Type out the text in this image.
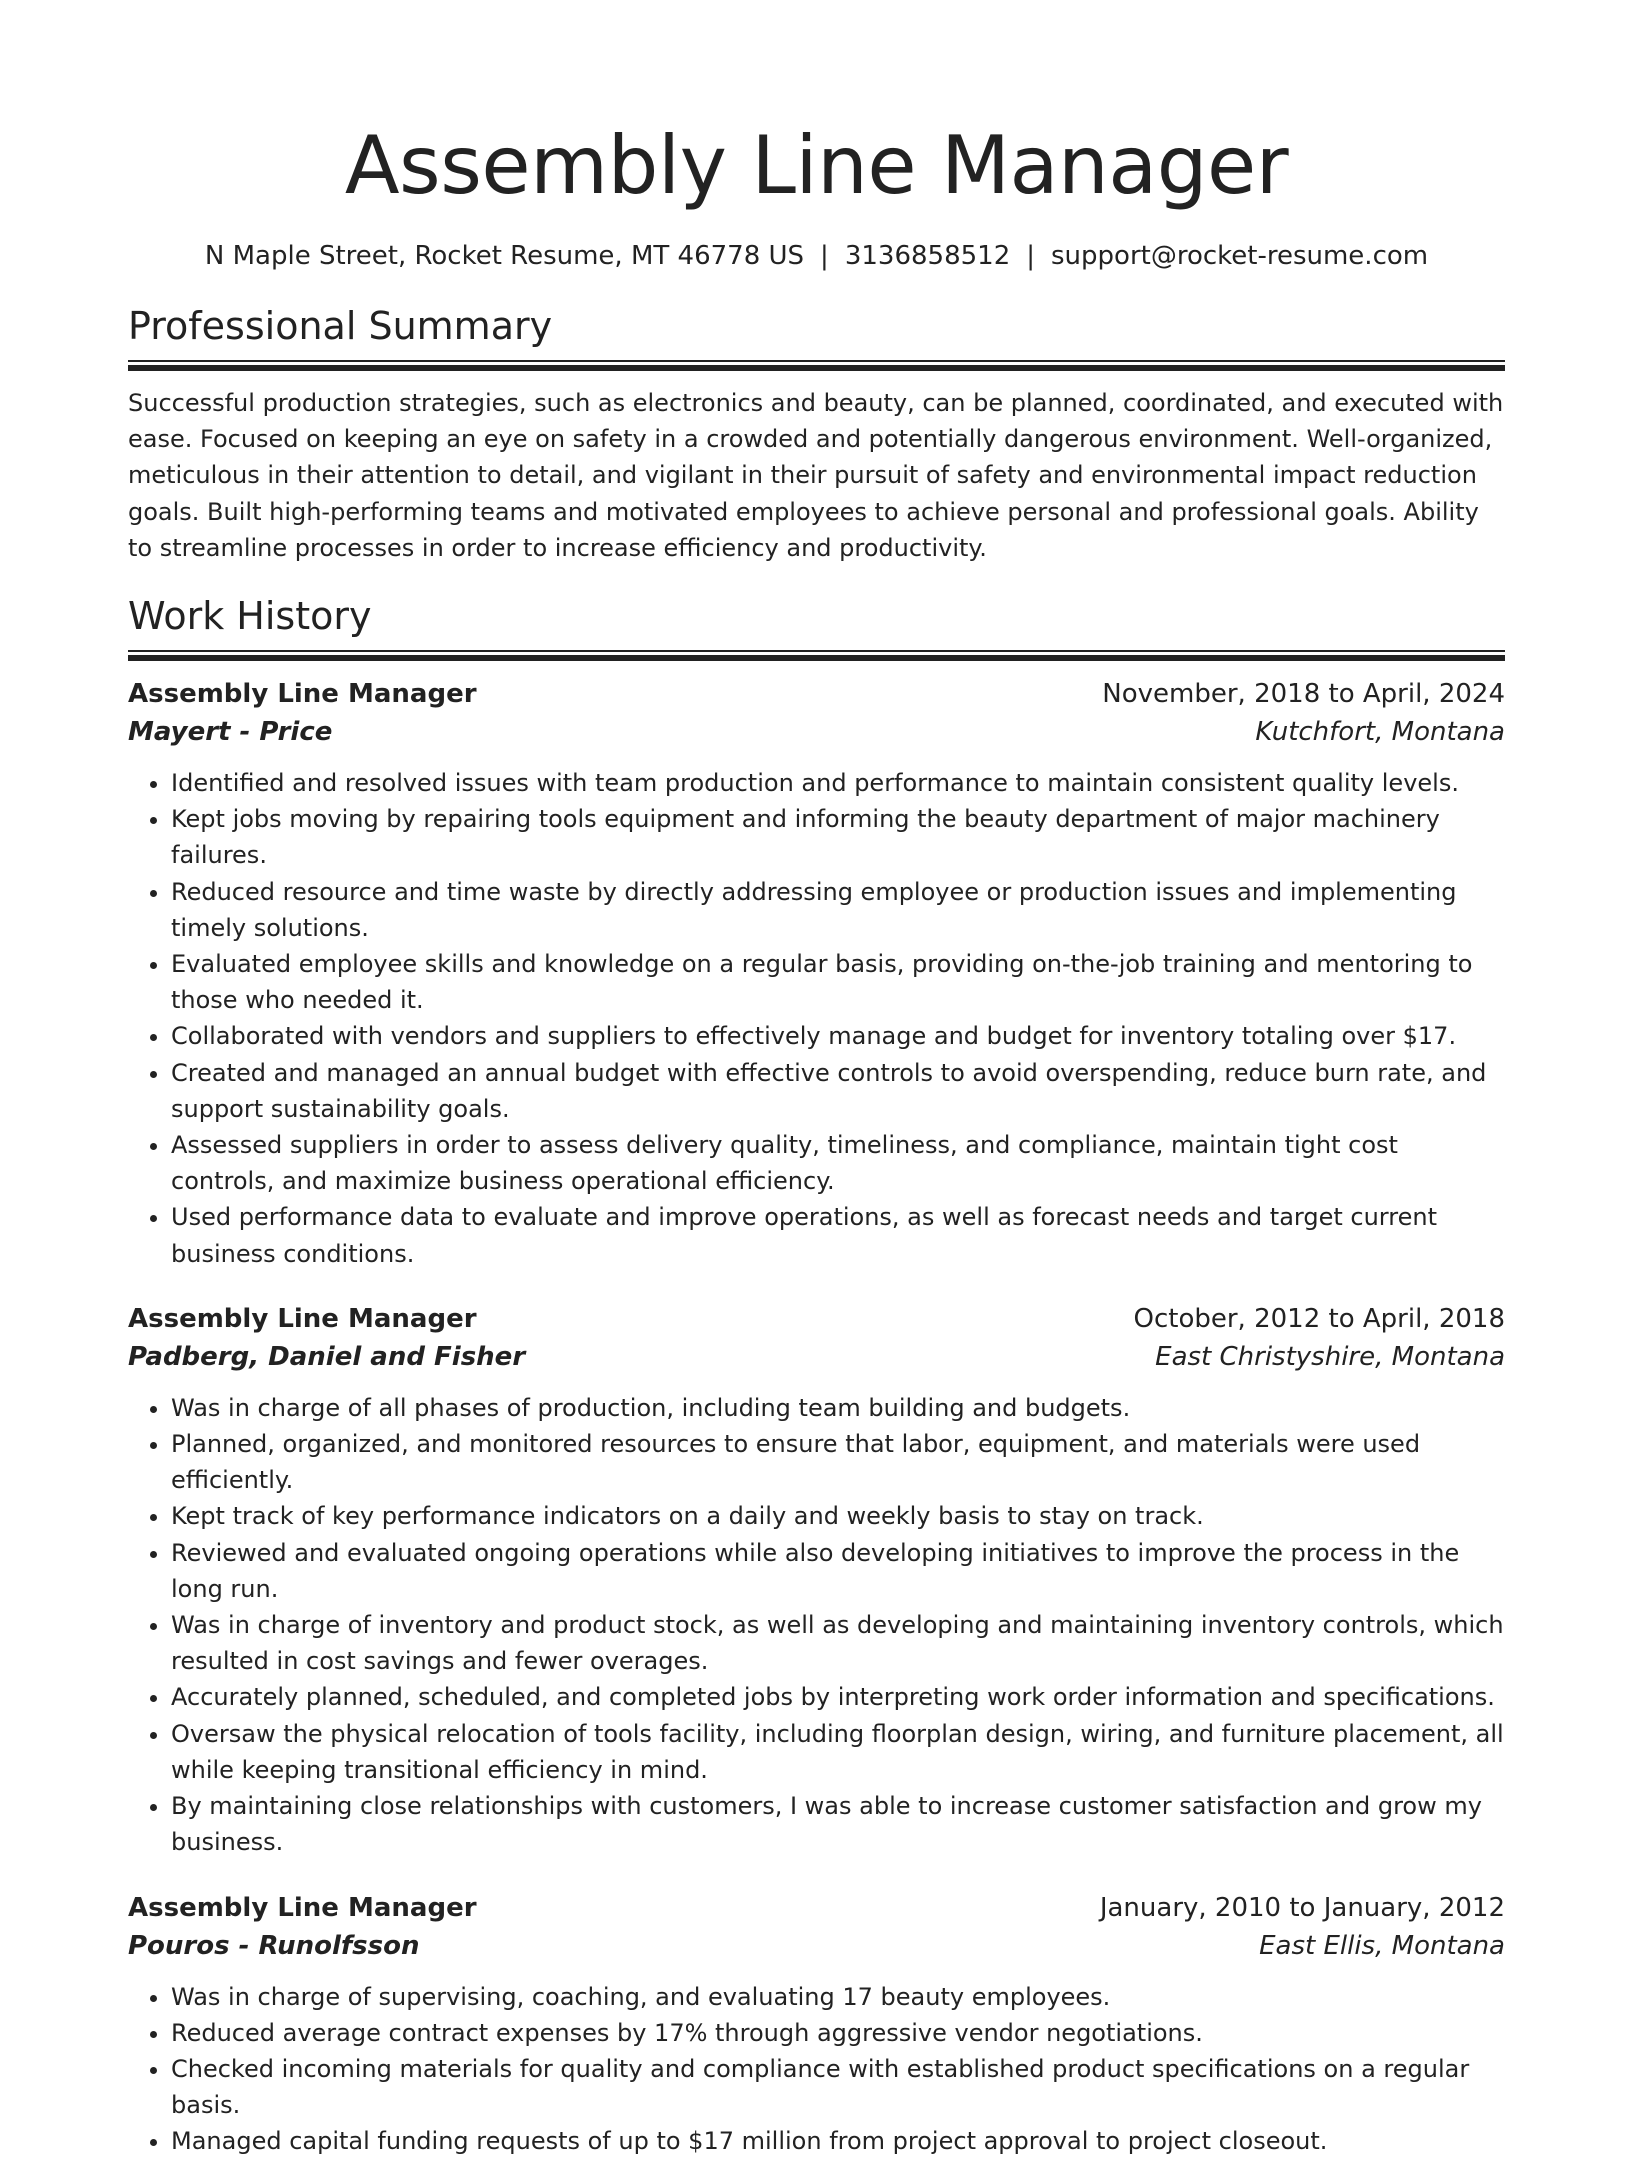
Assembly Line Manager
N Maple Street, Rocket Resume, MT 46778 US | 3136858512 | support@rocket-resume.com
Professional Summary

Successful production strategies, such as electronics and beauty, can be planned, coordinated, and executed with ease. Focused on keeping an eye on safety in a crowded and potentially dangerous environment. Well-organized, meticulous in their attention to detail, and vigilant in their pursuit of safety and environmental impact reduction goals. Built high-performing teams and motivated employees to achieve personal and professional goals. Ability to streamline processes in order to increase efficiency and productivity.

Work History
Assembly Line Manager	November, 2018 to April, 2024
Mayert - Price	Kutchfort, Montana
• Identified and resolved issues with team production and performance to maintain consistent quality levels.
• Kept jobs moving by repairing tools equipment and informing the beauty department of major machinery failures.
• Reduced resource and time waste by directly addressing employee or production issues and implementing timely solutions.
• Evaluated employee skills and knowledge on a regular basis, providing on-the-job training and mentoring to those who needed it.
• Collaborated with vendors and suppliers to effectively manage and budget for inventory totaling over $17.
• Created and managed an annual budget with effective controls to avoid overspending, reduce burn rate, and support sustainability goals.
• Assessed suppliers in order to assess delivery quality, timeliness, and compliance, maintain tight cost controls, and maximize business operational efficiency.
• Used performance data to evaluate and improve operations, as well as forecast needs and target current business conditions.
Assembly Line Manager	October, 2012 to April, 2018
Padberg, Daniel and Fisher	East Christyshire, Montana
• Was in charge of all phases of production, including team building and budgets.
• Planned, organized, and monitored resources to ensure that labor, equipment, and materials were used efficiently.
• Kept track of key performance indicators on a daily and weekly basis to stay on track.
• Reviewed and evaluated ongoing operations while also developing initiatives to improve the process in the long run.
• Was in charge of inventory and product stock, as well as developing and maintaining inventory controls, which resulted in cost savings and fewer overages.
• Accurately planned, scheduled, and completed jobs by interpreting work order information and specifications.
• Oversaw the physical relocation of tools facility, including floorplan design, wiring, and furniture placement, all while keeping transitional efficiency in mind.
• By maintaining close relationships with customers, I was able to increase customer satisfaction and grow my business.
Assembly Line Manager	January, 2010 to January, 2012
Pouros - Runolfsson	East Ellis, Montana
• Was in charge of supervising, coaching, and evaluating 17 beauty employees.
• Reduced average contract expenses by 17% through aggressive vendor negotiations.
• Checked incoming materials for quality and compliance with established product specifications on a regular basis.
• Managed capital funding requests of up to $17 million from project approval to project closeout.
